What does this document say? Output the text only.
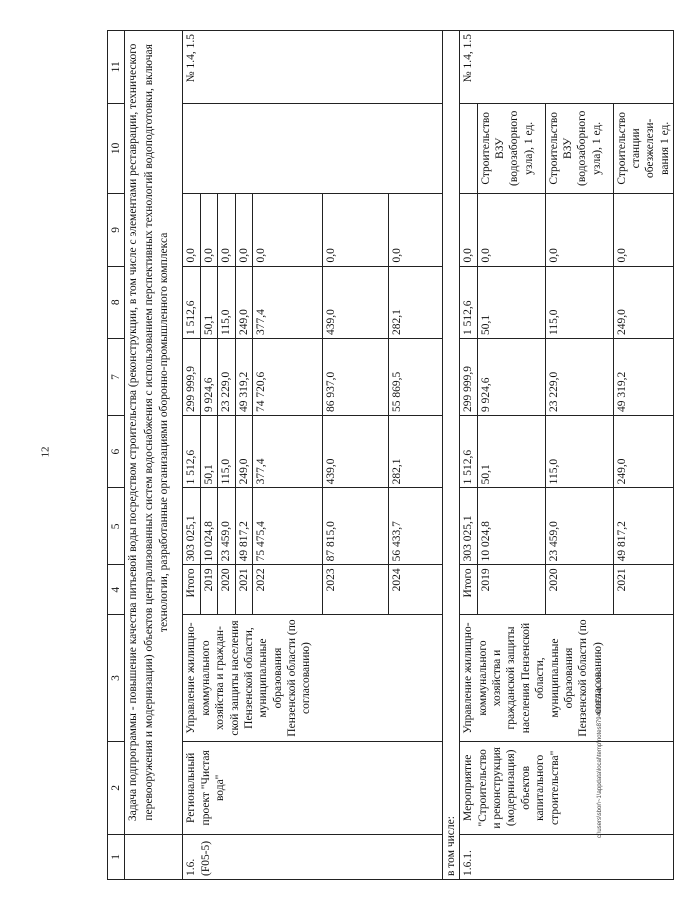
12
c:\users\sbor\~1\appdata\local\temp\notes879440\555-ap.docx
1	2	3	4	5	6	7	8	9	10	11
	Задача подпрограммы - повышение качества питьевой воды посредством строительства (реконструкции, в том числе с элементами реставрации, технического перевооружения и модернизации) объектов централизованных систем водоснабжения с использованием перспективных технологий водоподготовки, включая технологии, разработанные организациями оборонно-промышленного комплекса									
1.6. (F05-5)	Региональный проект "Чистая вода"	Управление жилищно-коммунального хозяйства и граждан-ской защиты населения Пензенской области, муниципальные образования Пензенской области (по согласованию)	Итого	303 025,1	1 512,6	299 999,9	1 512,6	0,0		№ 1.4, 1.5
			2019	10 024,8	50,1	9 924,6	50,1	0,0		
			2020	23 459,0	115,0	23 229,0	115,0	0,0		
			2021	49 817,2	249,0	49 319,2	249,0	0,0		
			2022	75 475,4	377,4	74 720,6	377,4	0,0		
			2023	87 815,0	439,0	86 937,0	439,0	0,0		
			2024	56 433,7	282,1	55 869,5	282,1	0,0		
в том числе:										
1.6.1.	Мероприятие "Строительство и реконструкция (модернизация) объектов капитального строительства"	Управление жилищно-коммунального хозяйства и гражданской защиты населения Пензенской области, муниципальные образования Пензенской области (по согласованию)	Итого	303 025,1	1 512,6	299 999,9	1 512,6	0,0		№ 1.4, 1.5
			2019	10 024,8	50,1	9 924,6	50,1	0,0	Строительство ВЗУ (водозаборного узла), 1 ед.	
			2020	23 459,0	115,0	23 229,0	115,0	0,0	Строительство ВЗУ (водозаборного узла), 1 ед.	
			2021	49 817,2	249,0	49 319,2	249,0	0,0	Строительство станции обезжелези-вания 1 ед.	
